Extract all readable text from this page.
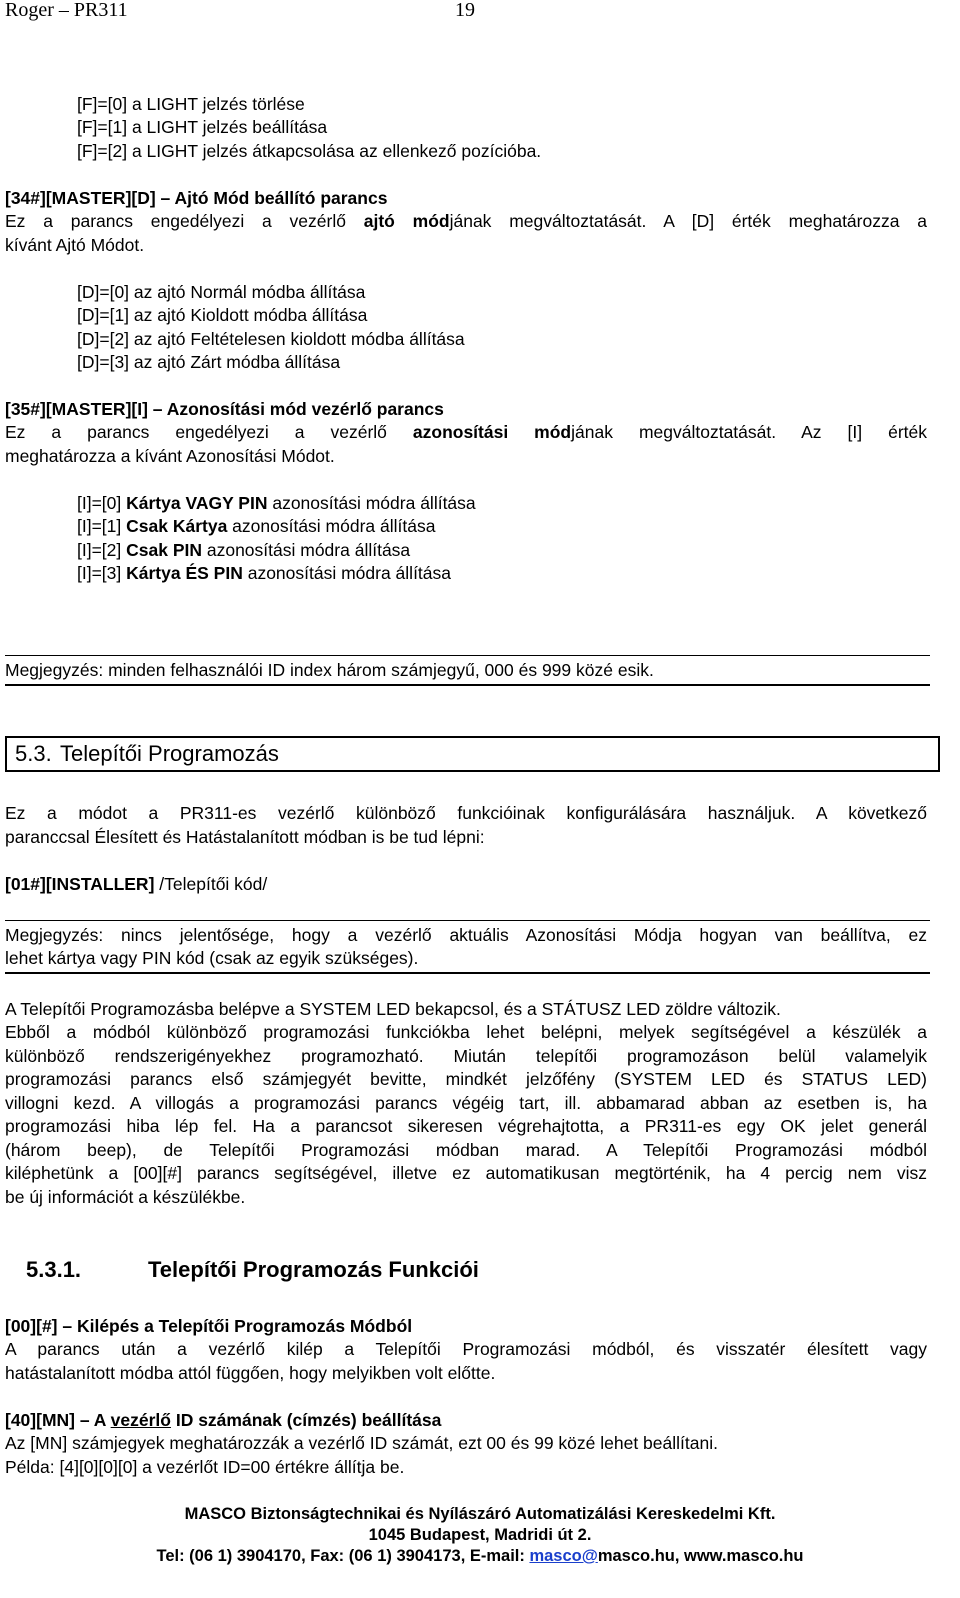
Roger – PR311	19
[F]=[0] a LIGHT jelzés törlése
[F]=[1] a LIGHT jelzés beállítása
[F]=[2] a LIGHT jelzés átkapcsolása az ellenkező pozícióba.
[34#][MASTER][D] – Ajtó Mód beállító parancs
Ez a parancs engedélyezi a vezérlő ajtó módjának megváltoztatását. A [D] érték meghatározza a
kívánt Ajtó Módot.
[D]=[0] az ajtó Normál módba állítása
[D]=[1] az ajtó Kioldott módba állítása
[D]=[2] az ajtó Feltételesen kioldott módba állítása
[D]=[3] az ajtó Zárt módba állítása
[35#][MASTER][I] – Azonosítási mód vezérlő parancs
Ez a parancs engedélyezi a vezérlő azonosítási módjának megváltoztatását. Az [I] érték
meghatározza a kívánt Azonosítási Módot.
[I]=[0] Kártya VAGY PIN azonosítási módra állítása
[I]=[1] Csak Kártya azonosítási módra állítása
[I]=[2] Csak PIN azonosítási módra állítása
[I]=[3] Kártya ÉS PIN azonosítási módra állítása
Megjegyzés: minden felhasználói ID index három számjegyű, 000 és 999 közé esik.
5.3. Telepítői Programozás
Ez a módot a PR311-es vezérlő különböző funkcióinak konfigurálására használjuk. A következő
paranccsal Élesített és Hatástalanított módban is be tud lépni:
[01#][INSTALLER] /Telepítői kód/
Megjegyzés: nincs jelentősége, hogy a vezérlő aktuális Azonosítási Módja hogyan van beállítva, ez
lehet kártya vagy PIN kód (csak az egyik szükséges).
A Telepítői Programozásba belépve a SYSTEM LED bekapcsol, és a STÁTUSZ LED zöldre változik.
Ebből a módból különböző programozási funkciókba lehet belépni, melyek segítségével a készülék a
különböző rendszerigényekhez programozható. Miután telepítői programozáson belül valamelyik
programozási parancs első számjegyét bevitte, mindkét jelzőfény (SYSTEM LED és STATUS LED)
villogni kezd. A villogás a programozási parancs végéig tart, ill. abbamarad abban az esetben is, ha
programozási hiba lép fel. Ha a parancsot sikeresen végrehajtotta, a PR311-es egy OK jelet generál
(három beep), de Telepítői Programozási módban marad. A Telepítői Programozási módból
kiléphetünk a [00][#] parancs segítségével, illetve ez automatikusan megtörténik, ha 4 percig nem visz
be új információt a készülékbe.
5.3.1.	Telepítői Programozás Funkciói
[00][#] – Kilépés a Telepítői Programozás Módból
A parancs után a vezérlő kilép a Telepítői Programozási módból, és visszatér élesített vagy
hatástalanított módba attól függően, hogy melyikben volt előtte.
[40][MN] – A vezérlő ID számának (címzés) beállítása
Az [MN] számjegyek meghatározzák a vezérlő ID számát, ezt 00 és 99 közé lehet beállítani.
Példa: [4][0][0][0] a vezérlőt ID=00 értékre állítja be.
MASCO Biztonságtechnikai és Nyílászáró Automatizálási Kereskedelmi Kft.
1045 Budapest, Madridi út 2.
Tel: (06 1) 3904170, Fax: (06 1) 3904173, E-mail: masco@masco.hu, www.masco.hu
